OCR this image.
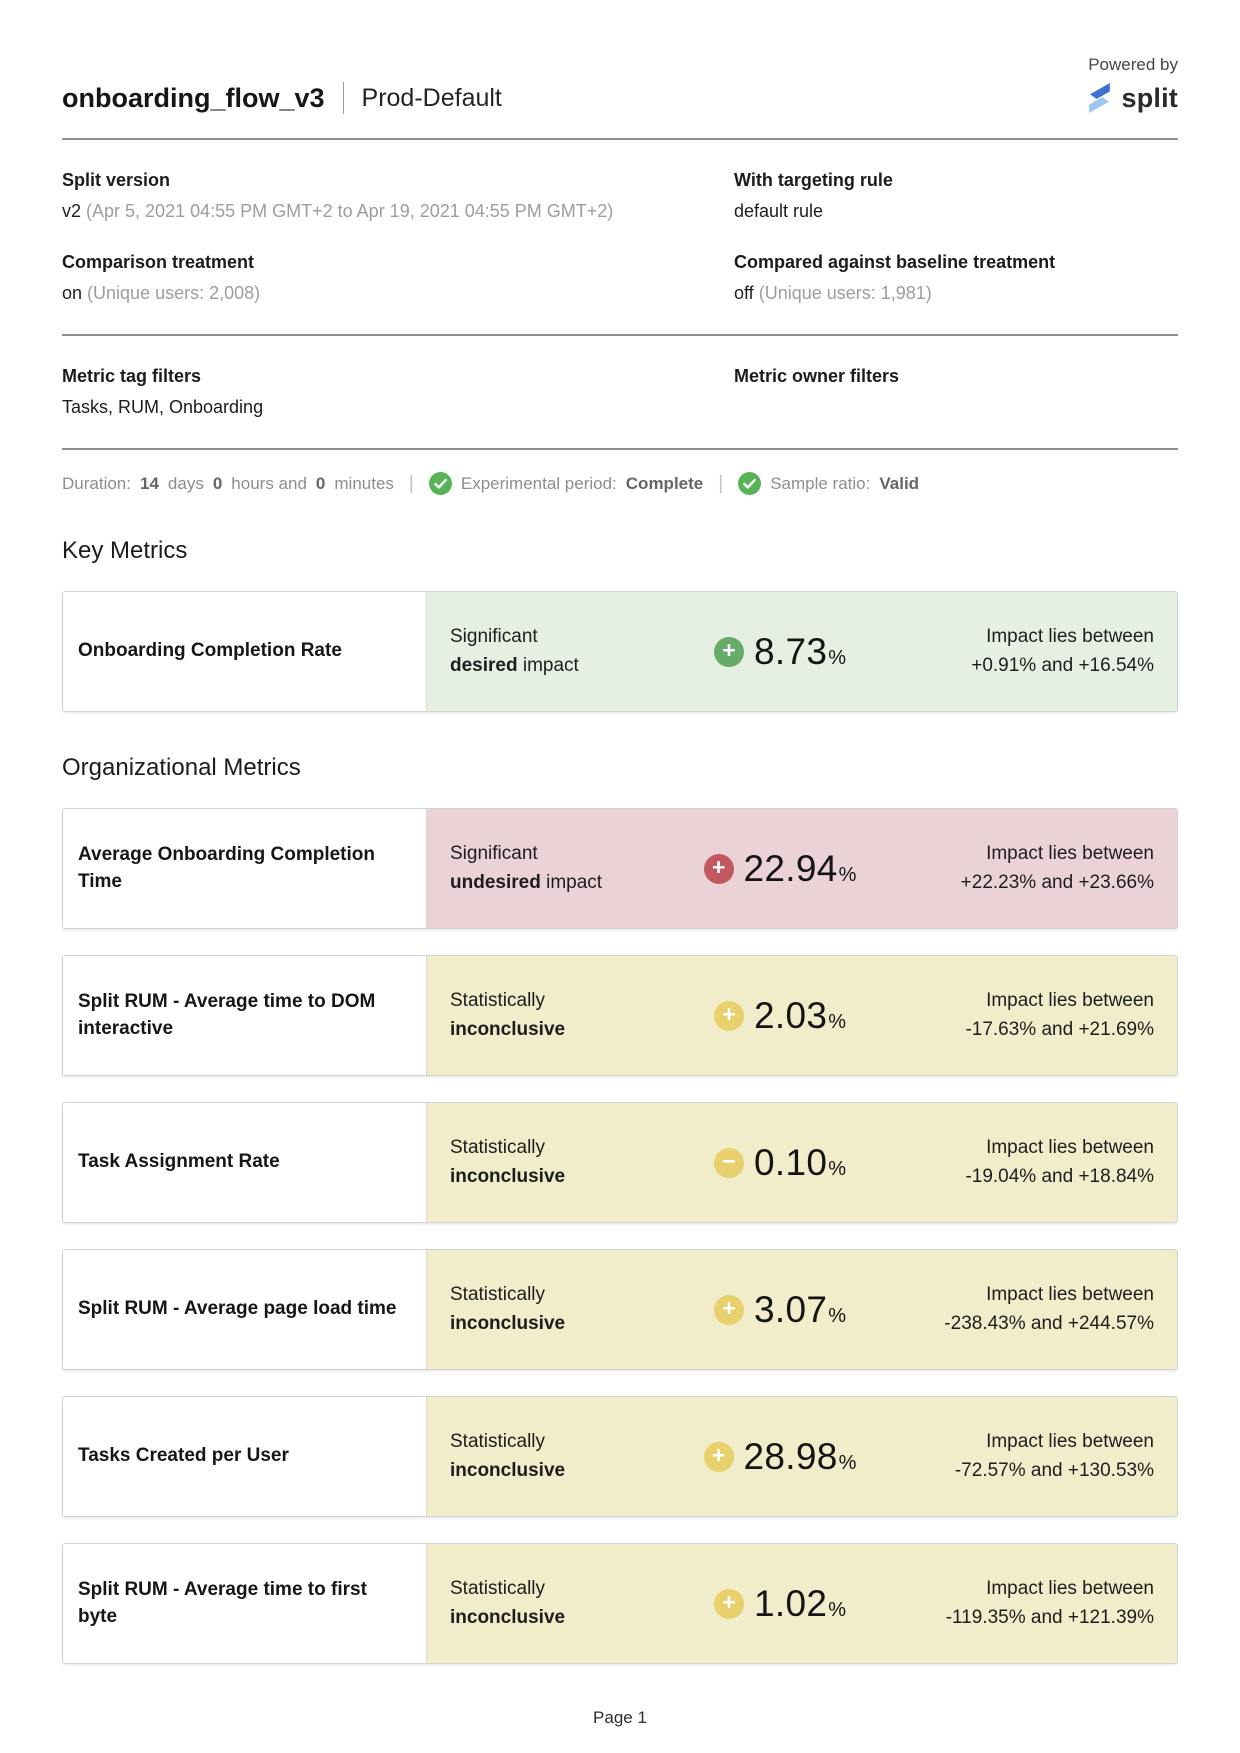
onboarding_flow_v3 Prod-Default
Powered by
split
Split version
v2 (Apr 5, 2021 04:55 PM GMT+2 to Apr 19, 2021 04:55 PM GMT+2)
With targeting rule
default rule
Comparison treatment
on (Unique users: 2,008)
Compared against baseline treatment
off (Unique users: 1,981)
Metric tag filters
Tasks, RUM, Onboarding
Metric owner filters
Duration: 14 days 0 hours and 0 minutes |	Experimental period: Complete |	Sample ratio: Valid
Key Metrics
Onboarding Completion Rate
Significant
desired impact
+ 8.73 %
Impact lies between
+0.91% and +16.54%
Organizational Metrics
Average Onboarding Completion Time
Significant
undesired impact
+ 22.94 %
Impact lies between
+22.23% and +23.66%
Split RUM - Average time to DOM interactive
Statistically
inconclusive
+ 2.03 %
Impact lies between
-17.63% and +21.69%
Task Assignment Rate
Statistically
inconclusive
− 0.10 %
Impact lies between
-19.04% and +18.84%
Split RUM - Average page load time
Statistically
inconclusive
+ 3.07 %
Impact lies between
-238.43% and +244.57%
Tasks Created per User
Statistically
inconclusive
+ 28.98 %
Impact lies between
-72.57% and +130.53%
Split RUM - Average time to first byte
Statistically
inconclusive
+ 1.02 %
Impact lies between
-119.35% and +121.39%
Page 1
